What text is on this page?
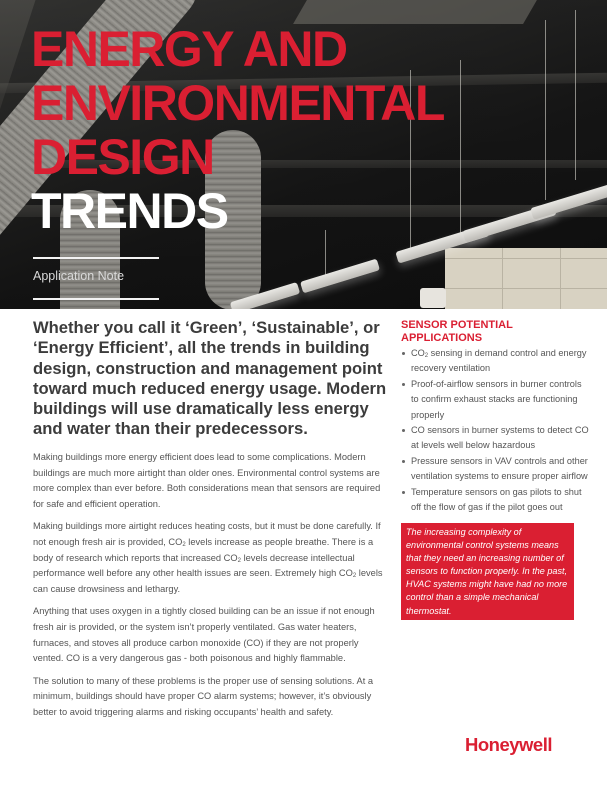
ENERGY AND
ENVIRONMENTAL
DESIGN
TRENDS
Application Note
Whether you call it ‘Green’, ‘Sustainable’, or ‘Energy Efficient’, all the trends in building design, construction and management point toward much reduced energy usage. Modern buildings will use dramatically less energy and water than their predecessors.

Making buildings more energy efficient does lead to some complications. Modern buildings are much more airtight than older ones. Environmental control systems are more complex than ever before. Both considerations mean that sensors are required for safe and efficient operation.

Making buildings more airtight reduces heating costs, but it must be done carefully. If not enough fresh air is provided, $CO_2$ levels increase as people breathe. There is a body of research which reports that increased $CO_2$ levels decrease intellectual performance well before any other health issues are seen. Extremely high $CO_2$ levels can cause drowsiness and lethargy.

Anything that uses oxygen in a tightly closed building can be an issue if not enough fresh air is provided, or the system isn’t properly ventilated. Gas water heaters, furnaces, and stoves all produce carbon monoxide (CO) if they are not properly vented. CO is a very dangerous gas - both poisonous and highly flammable.

The solution to many of these problems is the proper use of sensing solutions. At a minimum, buildings should have proper CO alarm systems; however, it’s obviously better to avoid triggering alarms and risking occupants’ health and safety.

SENSOR POTENTIAL
APPLICATIONS
$CO_2$ sensing in demand control and energy recovery ventilation
Proof-of-airflow sensors in burner controls to confirm exhaust stacks are functioning properly
CO sensors in burner systems to detect CO at levels well below hazardous
Pressure sensors in VAV controls and other ventilation systems to ensure proper airflow
Temperature sensors on gas pilots to shut off the flow of gas if the pilot goes out
The increasing complexity of environmental control systems means that they need an increasing number of sensors to function properly. In the past, HVAC systems might have had no more control than a simple mechanical thermostat.
Honeywell
